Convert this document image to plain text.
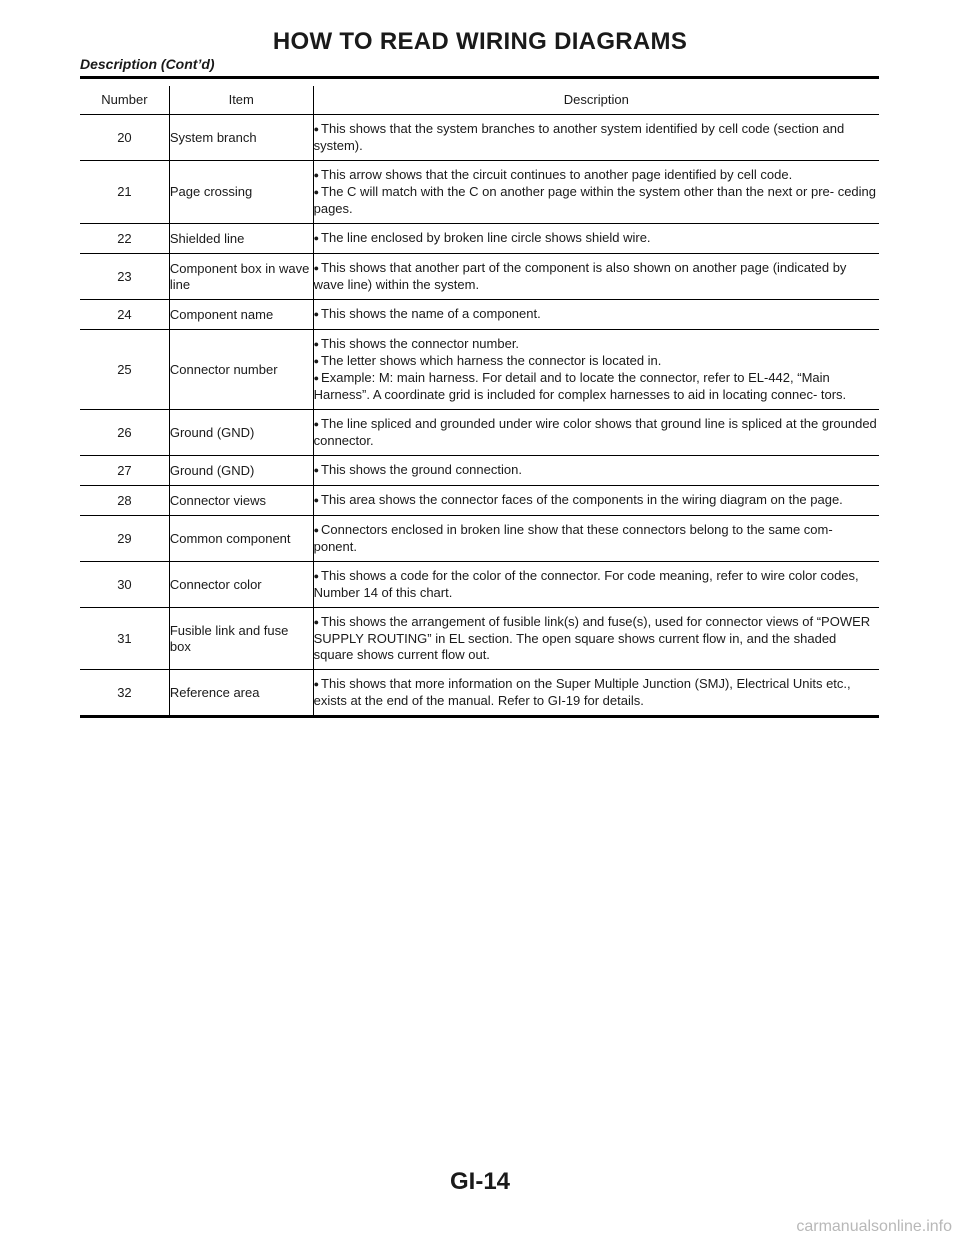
HOW TO READ WIRING DIAGRAMS
Description (Cont’d)
Number	Item	Description
20	System branch	● This shows that the system branches to another system identified by cell code (section and system).

21	Page crossing	● This arrow shows that the circuit continues to another page identified by cell code.
● The C will match with the C on another page within the system other than the next or pre- ceding pages.

22	Shielded line	● The line enclosed by broken line circle shows shield wire.

23	Component box in wave line	● This shows that another part of the component is also shown on another page (indicated by wave line) within the system.

24	Component name	● This shows the name of a component.

25	Connector number	● This shows the connector number.
● The letter shows which harness the connector is located in.
● Example: M: main harness. For detail and to locate the connector, refer to EL-442, “Main Harness”. A coordinate grid is included for complex harnesses to aid in locating connec- tors.

26	Ground (GND)	● The line spliced and grounded under wire color shows that ground line is spliced at the grounded connector.

27	Ground (GND)	● This shows the ground connection.

28	Connector views	● This area shows the connector faces of the components in the wiring diagram on the page.

29	Common component	● Connectors enclosed in broken line show that these connectors belong to the same com- ponent.

30	Connector color	● This shows a code for the color of the connector. For code meaning, refer to wire color codes, Number 14 of this chart.

31	Fusible link and fuse box	● This shows the arrangement of fusible link(s) and fuse(s), used for connector views of “POWER SUPPLY ROUTING” in EL section. The open square shows current flow in, and the shaded square shows current flow out.

32	Reference area	● This shows that more information on the Super Multiple Junction (SMJ), Electrical Units etc., exists at the end of the manual. Refer to GI-19 for details.
GI-14
carmanualsonline.info
